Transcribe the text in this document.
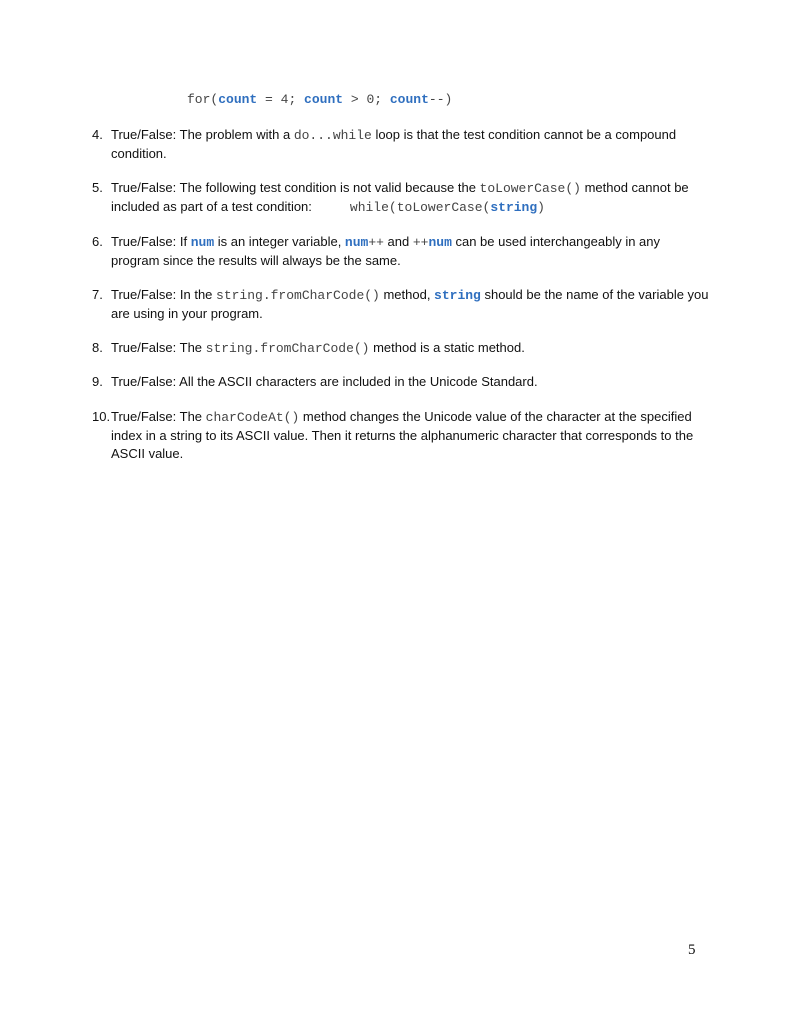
for(count = 4; count > 0; count--)
4. True/False: The problem with a do...while loop is that the test condition cannot be a compound condition.
5. True/False: The following test condition is not valid because the toLowerCase() method cannot be included as part of a test condition:	while(toLowerCase(string)
6. True/False: If num is an integer variable, num++ and ++num can be used interchangeably in any program since the results will always be the same.
7. True/False: In the string.fromCharCode() method, string should be the name of the variable you are using in your program.
8. True/False: The string.fromCharCode() method is a static method.
9. True/False: All the ASCII characters are included in the Unicode Standard.
10. True/False: The charCodeAt() method changes the Unicode value of the character at the specified index in a string to its ASCII value. Then it returns the alphanumeric character that corresponds to the ASCII value.
5
